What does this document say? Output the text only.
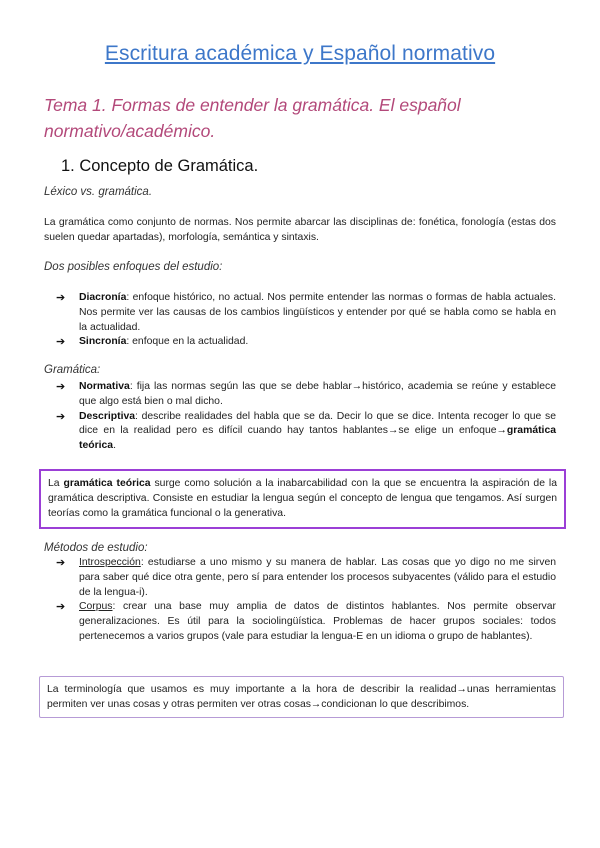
Escritura académica y Español normativo
Tema 1. Formas de entender la gramática. El español normativo/académico.
1. Concepto de Gramática.
Léxico vs. gramática.
La gramática como conjunto de normas. Nos permite abarcar las disciplinas de: fonética, fonología (estas dos suelen quedar apartadas), morfología, semántica y sintaxis.
Dos posibles enfoques del estudio:
➔ Diacronía: enfoque histórico, no actual. Nos permite entender las normas o formas de habla actuales. Nos permite ver las causas de los cambios lingüísticos y entender por qué se habla como se habla en la actualidad.
➔ Sincronía: enfoque en la actualidad.
Gramática:
➔ Normativa: fija las normas según las que se debe hablar→histórico, academia se reúne y establece que algo está bien o mal dicho.
➔ Descriptiva: describe realidades del habla que se da. Decir lo que se dice. Intenta recoger lo que se dice en la realidad pero es difícil cuando hay tantos hablantes→se elige un enfoque→gramática teórica.
La gramática teórica surge como solución a la inabarcabilidad con la que se encuentra la aspiración de la gramática descriptiva. Consiste en estudiar la lengua según el concepto de lengua que tengamos. Así surgen teorías como la gramática funcional o la generativa.
Métodos de estudio:
➔ Introspección: estudiarse a uno mismo y su manera de hablar. Las cosas que yo digo no me sirven para saber qué dice otra gente, pero sí para entender los procesos subyacentes (válido para el estudio de la lengua-i).
➔ Corpus: crear una base muy amplia de datos de distintos hablantes. Nos permite observar generalizaciones. Es útil para la sociolingüística. Problemas de hacer grupos sociales: todos pertenecemos a varios grupos (vale para estudiar la lengua-E en un idioma o grupo de hablantes).
La terminología que usamos es muy importante a la hora de describir la realidad→unas herramientas permiten ver unas cosas y otras permiten ver otras cosas→condicionan lo que describimos.
